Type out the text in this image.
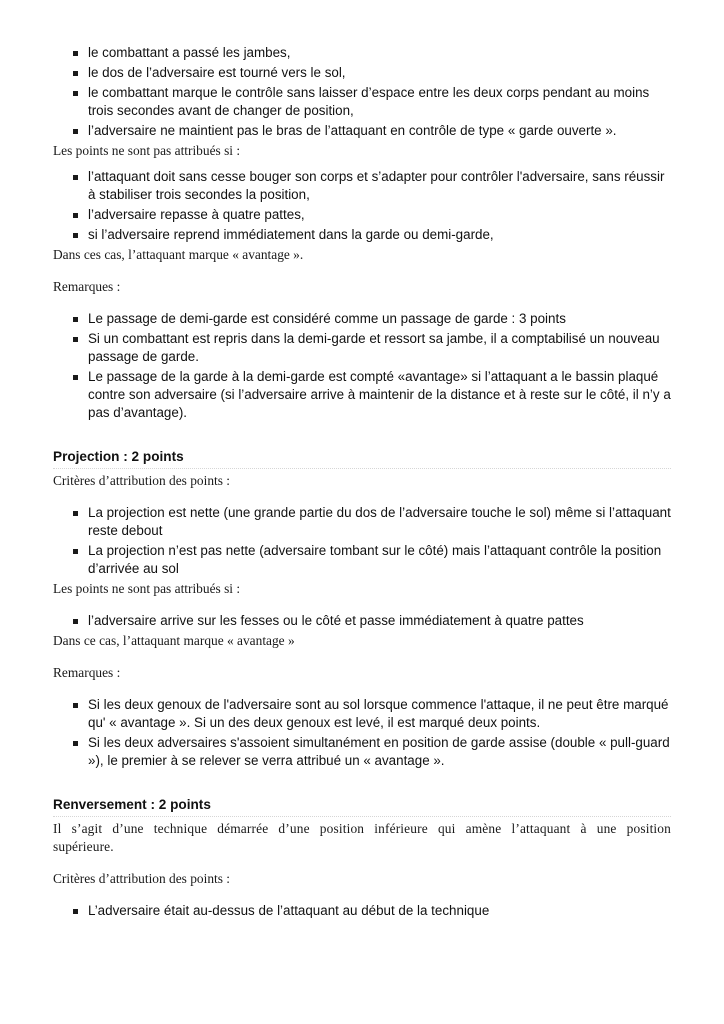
le combattant a passé les jambes,
le dos de l’adversaire est tourné vers le sol,
le combattant marque le contrôle sans laisser d’espace entre les deux corps pendant au moins trois secondes avant de changer de position,
l’adversaire ne maintient pas le bras de l’attaquant en contrôle de type « garde ouverte ».

Les points ne sont pas attribués si :

l’attaquant doit sans cesse bouger son corps et s’adapter pour contrôler l'adversaire, sans réussir à stabiliser trois secondes la position,
l’adversaire repasse à quatre pattes,
si l’adversaire reprend immédiatement dans la garde ou demi-garde,

Dans ces cas, l’attaquant marque « avantage ».

Remarques :

Le passage de demi-garde est considéré comme un passage de garde : 3 points
Si un combattant est repris dans la demi-garde et ressort sa jambe, il a comptabilisé un nouveau passage de garde.
Le passage de la garde à la demi-garde est compté «avantage» si l’attaquant a le bassin plaqué contre son adversaire (si l’adversaire arrive à maintenir de la distance et à reste sur le côté, il n’y a pas d’avantage).
Projection : 2 points

Critères d’attribution des points :

La projection est nette (une grande partie du dos de l’adversaire touche le sol) même si l’attaquant reste debout
La projection n’est pas nette (adversaire tombant sur le côté) mais l’attaquant contrôle la position d’arrivée au sol

Les points ne sont pas attribués si :

l’adversaire arrive sur les fesses ou le côté et passe immédiatement à quatre pattes

Dans ce cas, l’attaquant marque « avantage »

Remarques :

Si les deux genoux de l'adversaire sont au sol lorsque commence l'attaque, il ne peut être marqué qu' « avantage ». Si un des deux genoux est levé, il est marqué deux points.
Si les deux adversaires s'assoient simultanément en position de garde assise (double « pull-guard »), le premier à se relever se verra attribué un « avantage ».
Renversement : 2 points

Il s’agit d’une technique démarrée d’une position inférieure qui amène l’attaquant à une position supérieure.

Critères d’attribution des points :

L’adversaire était au-dessus de l’attaquant au début de la technique
